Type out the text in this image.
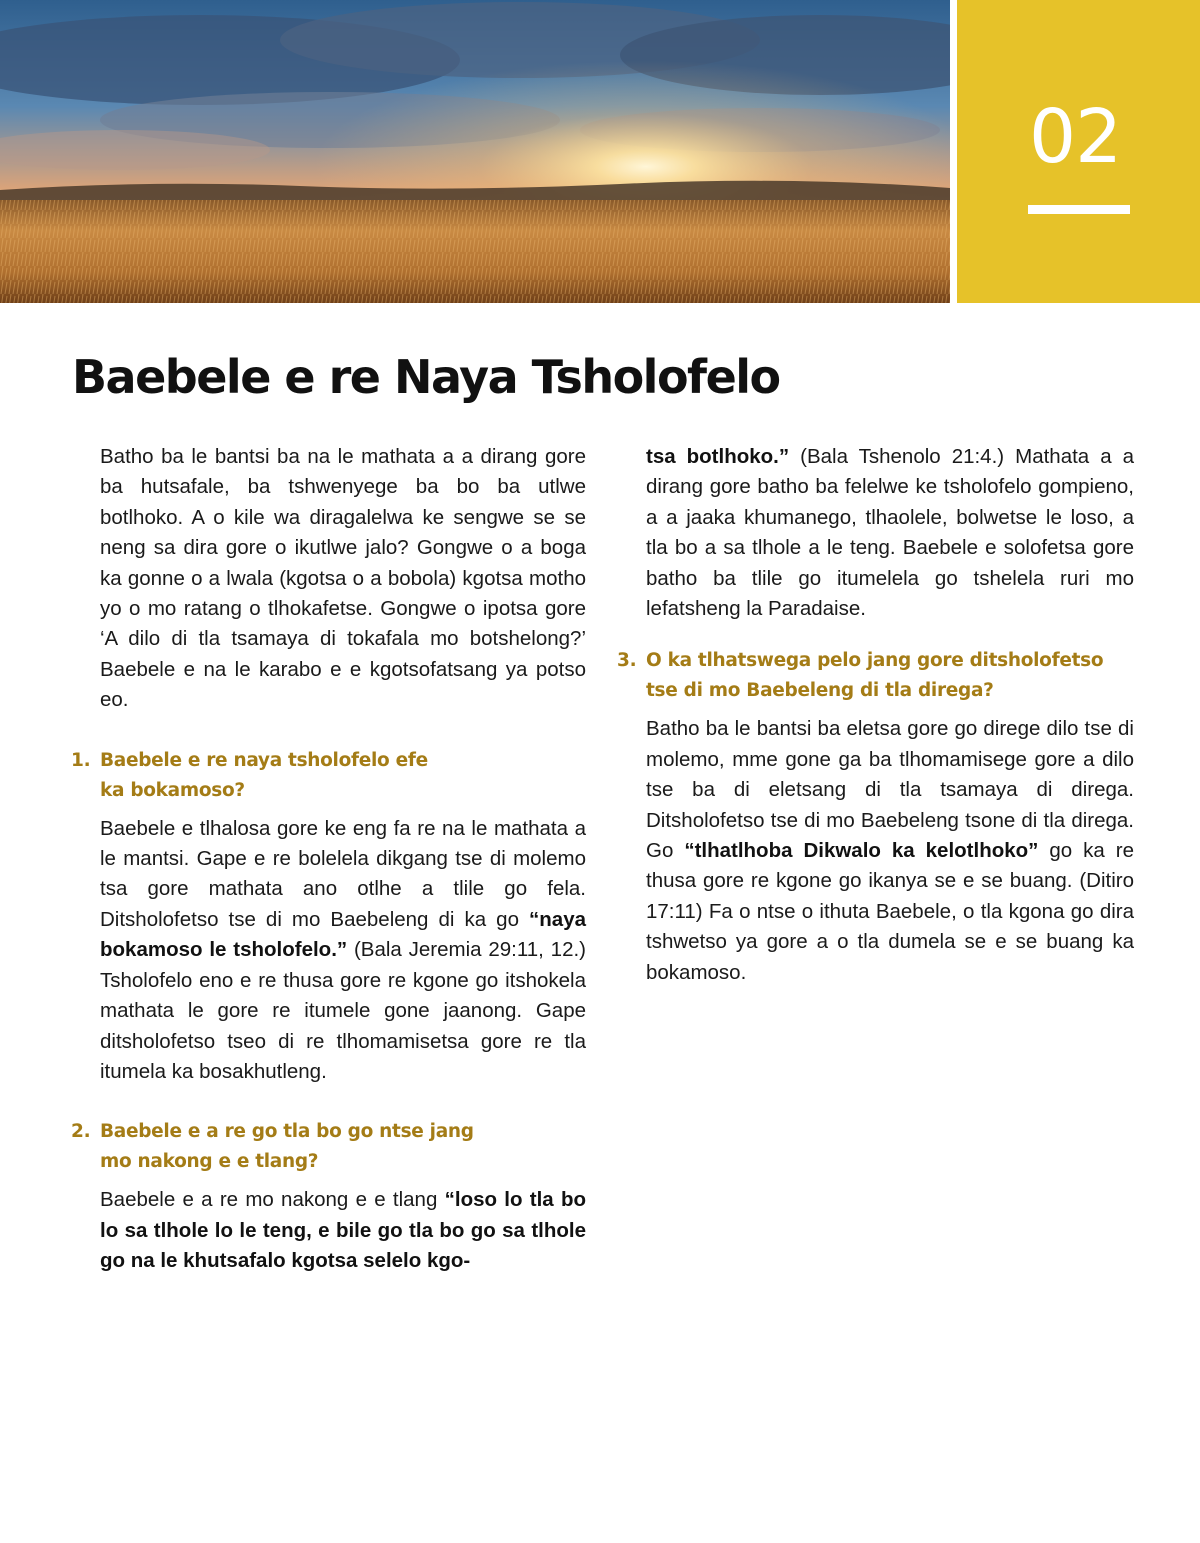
02
Baebele e re Naya Tsholofelo

Batho ba le bantsi ba na le mathata a a dirang gore ba hutsafale, ba tshwenyege ba bo ba utlwe botlhoko. A o kile wa diragalelwa ke sengwe se se neng sa dira gore o ikutlwe jalo? Gongwe o a boga ka gonne o a lwala (kgotsa o a bobola) kgotsa motho yo o mo ratang o tlhokafetse. Gongwe o ipotsa gore ‘A dilo di tla tsamaya di tokafala mo botshelong?’ Baebele e na le karabo e e kgotsofatsang ya potso eo.

1. Baebele e re naya tsholofelo efe
ka bokamoso?

Baebele e tlhalosa gore ke eng fa re na le mathata a le mantsi. Gape e re bolelela dikgang tse di molemo tsa gore mathata ano otlhe a tlile go fela. Ditsholofetso tse di mo Baebeleng di ka go “naya bokamoso le tsholofelo.” (Bala Jeremia 29:11, 12.) Tsholofelo eno e re thusa gore re kgone go itshokela mathata le gore re itumele gone jaanong. Gape ditsholofetso tseo di re tlhomamisetsa gore re tla itumela ka bosakhutleng.

2. Baebele e a re go tla bo go ntse jang
mo nakong e e tlang?

Baebele e a re mo nakong e e tlang “loso lo tla bo lo sa tlhole lo le teng, e bile go tla bo go sa tlhole go na le khutsafalo kgotsa selelo kgo-

tsa botlhoko.” (Bala Tshenolo 21:4.) Mathata a a dirang gore batho ba felelwe ke tsholofelo gompieno, a a jaaka khumanego, tlhaolele, bolwetse le loso, a tla bo a sa tlhole a le teng. Baebele e solofetsa gore batho ba tlile go itumelela go tshelela ruri mo lefatsheng la Paradaise.

3. O ka tlhatswega pelo jang gore ditsholofetso
tse di mo Baebeleng di tla direga?

Batho ba le bantsi ba eletsa gore go direge dilo tse di molemo, mme gone ga ba tlhomamisege gore a dilo tse ba di eletsang di tla tsamaya di direga. Ditsholofetso tse di mo Baebeleng tsone di tla direga. Go “tlhatlhoba Dikwalo ka kelotlhoko” go ka re thusa gore re kgone go ikanya se e se buang. (Ditiro 17:11) Fa o ntse o ithuta Baebele, o tla kgona go dira tshwetso ya gore a o tla dumela se e se buang ka bokamoso.
